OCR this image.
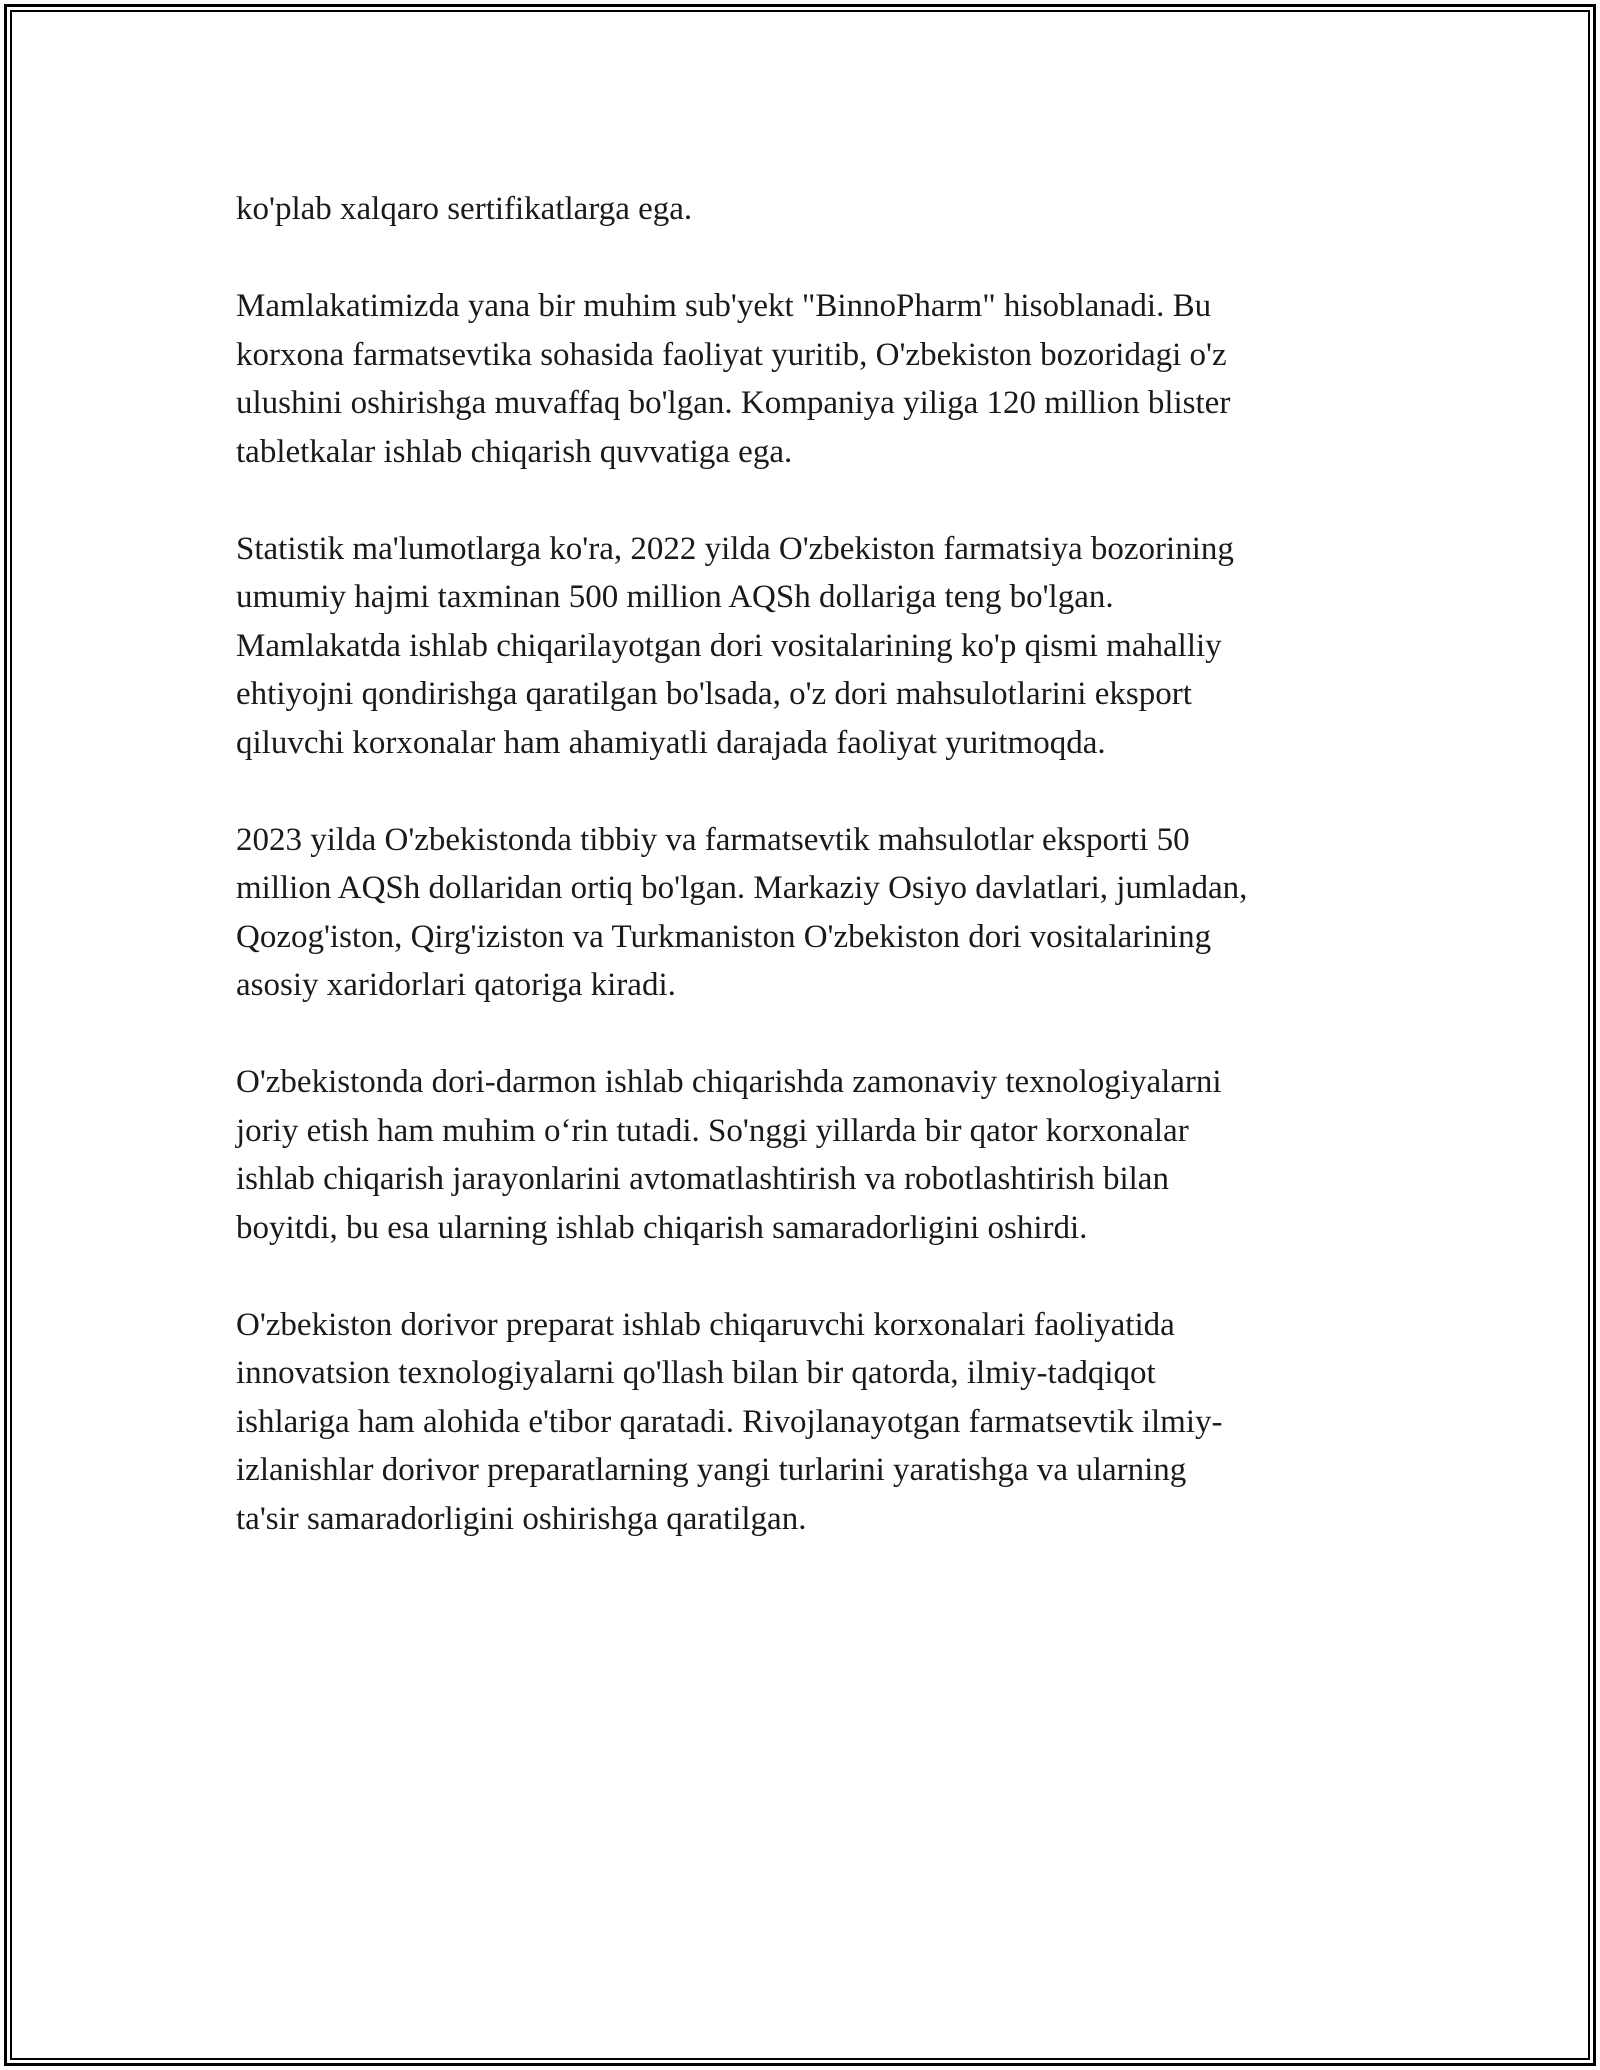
ko'plab xalqaro sertifikatlarga ega.

Mamlakatimizda yana bir muhim sub'yekt "BinnoPharm" hisoblanadi. Bu
korxona farmatsevtika sohasida faoliyat yuritib, O'zbekiston bozoridagi o'z
ulushini oshirishga muvaffaq bo'lgan. Kompaniya yiliga 120 million blister
tabletkalar ishlab chiqarish quvvatiga ega.

Statistik ma'lumotlarga ko'ra, 2022 yilda O'zbekiston farmatsiya bozorining
umumiy hajmi taxminan 500 million AQSh dollariga teng bo'lgan.
Mamlakatda ishlab chiqarilayotgan dori vositalarining ko'p qismi mahalliy
ehtiyojni qondirishga qaratilgan bo'lsada, o'z dori mahsulotlarini eksport
qiluvchi korxonalar ham ahamiyatli darajada faoliyat yuritmoqda.

2023 yilda O'zbekistonda tibbiy va farmatsevtik mahsulotlar eksporti 50
million AQSh dollaridan ortiq bo'lgan. Markaziy Osiyo davlatlari, jumladan,
Qozog'iston, Qirg'iziston va Turkmaniston O'zbekiston dori vositalarining
asosiy xaridorlari qatoriga kiradi.

O'zbekistonda dori-darmon ishlab chiqarishda zamonaviy texnologiyalarni
joriy etish ham muhim o‘rin tutadi. So'nggi yillarda bir qator korxonalar
ishlab chiqarish jarayonlarini avtomatlashtirish va robotlashtirish bilan
boyitdi, bu esa ularning ishlab chiqarish samaradorligini oshirdi.

O'zbekiston dorivor preparat ishlab chiqaruvchi korxonalari faoliyatida
innovatsion texnologiyalarni qo'llash bilan bir qatorda, ilmiy-tadqiqot
ishlariga ham alohida e'tibor qaratadi. Rivojlanayotgan farmatsevtik ilmiy-
izlanishlar dorivor preparatlarning yangi turlarini yaratishga va ularning
ta'sir samaradorligini oshirishga qaratilgan.
